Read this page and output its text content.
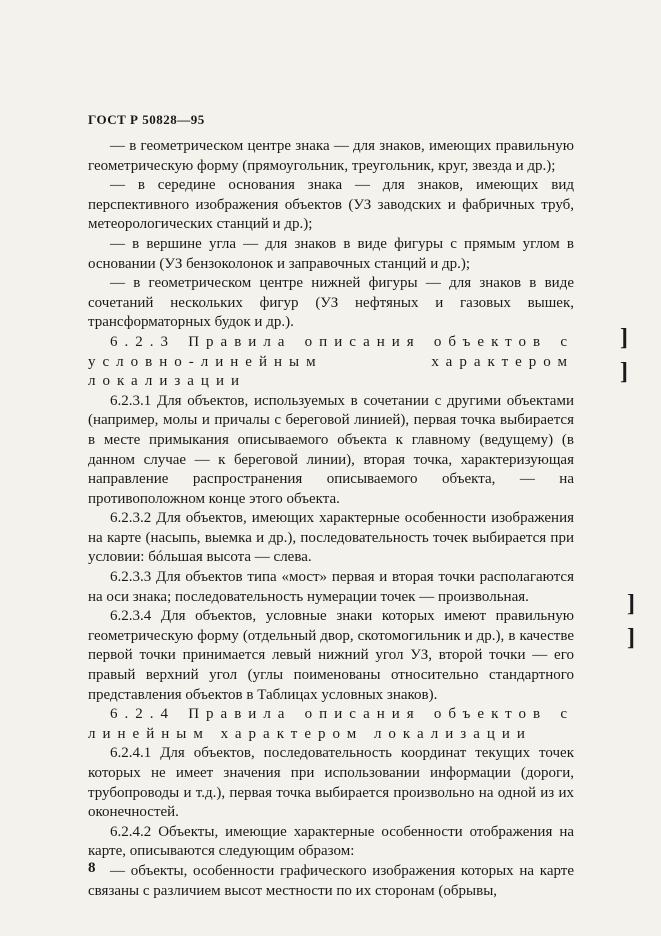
ГОСТ Р 50828—95

— в геометрическом центре знака — для знаков, имеющих правильную геометрическую форму (прямоугольник, треугольник, круг, звезда и др.);

— в середине основания знака — для знаков, имеющих вид перспективного изображения объектов (УЗ заводских и фабричных труб, метеорологических станций и др.);

— в вершине угла — для знаков в виде фигуры с прямым углом в основании (УЗ бензоколонок и заправочных станций и др.);

— в геометрическом центре нижней фигуры — для знаков в виде сочетаний нескольких фигур (УЗ нефтяных и газовых вышек, трансформаторных будок и др.).

6.2.3 Правила описания объектов с условно-линейным характером локализации

6.2.3.1 Для объектов, используемых в сочетании с другими объектами (например, молы и причалы с береговой линией), первая точка выбирается в месте примыкания описываемого объекта к главному (ведущему) (в данном случае — к береговой линии), вторая точка, характеризующая направление распространения описываемого объекта, — на противоположном конце этого объекта.

6.2.3.2 Для объектов, имеющих характерные особенности изображения на карте (насыпь, выемка и др.), последовательность точек выбирается при условии: бóльшая высота — слева.

6.2.3.3 Для объектов типа «мост» первая и вторая точки располагаются на оси знака; последовательность нумерации точек — произвольная.

6.2.3.4 Для объектов, условные знаки которых имеют правильную геометрическую форму (отдельный двор, скотомогильник и др.), в качестве первой точки принимается левый нижний угол УЗ, второй точки — его правый верхний угол (углы поименованы относительно стандартного представления объектов в Таблицах условных знаков).

6.2.4 Правила описания объектов с линейным характером локализации

6.2.4.1 Для объектов, последовательность координат текущих точек которых не имеет значения при использовании информации (дороги, трубопроводы и т.д.), первая точка выбирается произвольно на одной из их оконечностей.

6.2.4.2 Объекты, имеющие характерные особенности отображения на карте, описываются следующим образом:

— объекты, особенности графического изображения которых на карте связаны с различием высот местности по их сторонам (обрывы,

]
]
]
]
8
